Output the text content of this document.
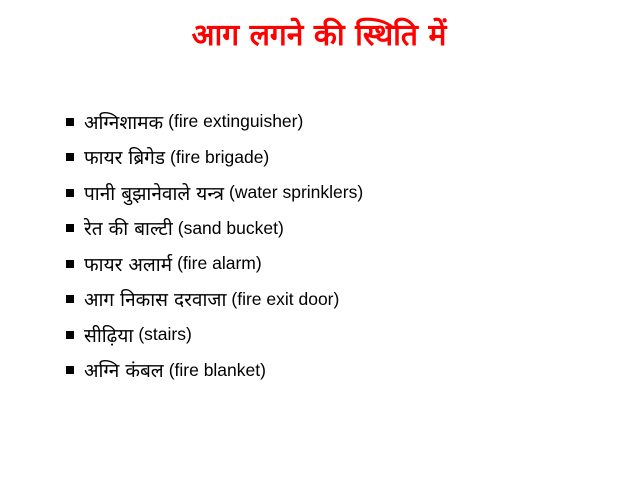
आग लगने की स्थिति में
अग्निशामक (fire extinguisher)
फायर ब्रिगेड (fire brigade)
पानी बुझानेवाले यन्त्र (water sprinklers)
रेत की बाल्टी (sand bucket)
फायर अलार्म (fire alarm)
आग निकास दरवाजा (fire exit door)
सीढ़िया (stairs)
अग्नि कंबल (fire blanket)
